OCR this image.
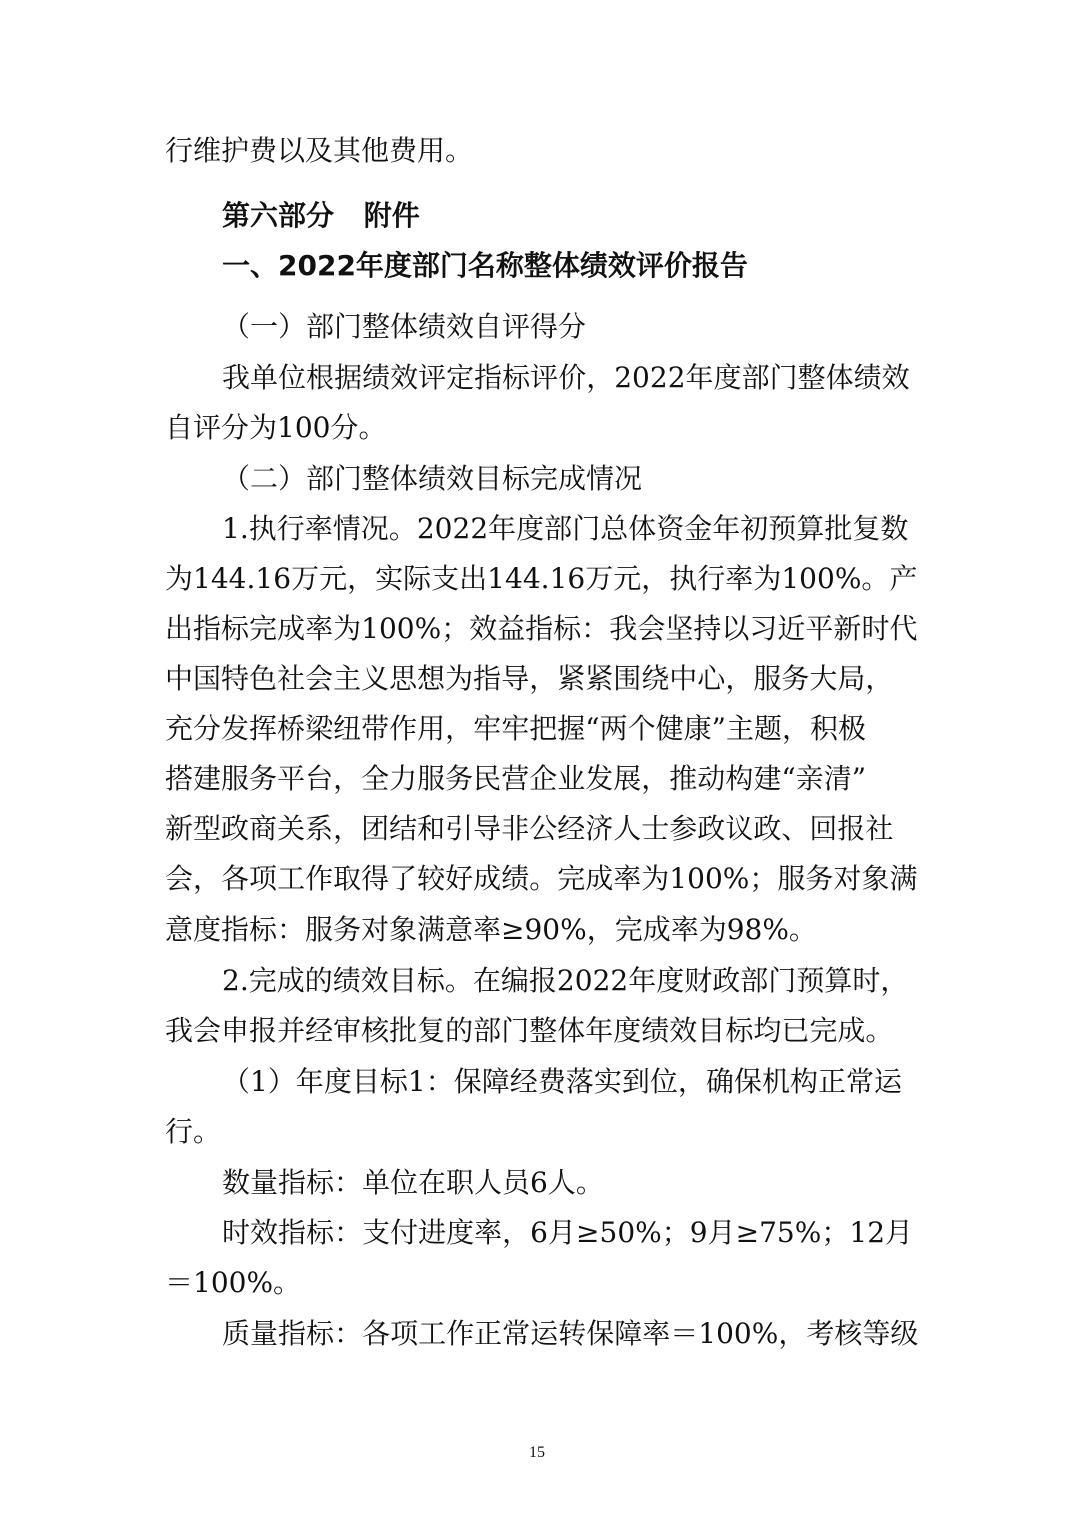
行维护费以及其他费用。
第六部分 附件
一、2022年度部门名称整体绩效评价报告
（一）部门整体绩效自评得分
我单位根据绩效评定指标评价，2022年度部门整体绩效
自评分为100分。
（二）部门整体绩效目标完成情况
1.执行率情况。2022年度部门总体资金年初预算批复数
为144.16万元，实际支出144.16万元，执行率为100%。产
出指标完成率为100%；效益指标：我会坚持以习近平新时代
中国特色社会主义思想为指导，紧紧围绕中心，服务大局，
充分发挥桥梁纽带作用，牢牢把握“两个健康”主题，积极
搭建服务平台，全力服务民营企业发展，推动构建“亲清”
新型政商关系，团结和引导非公经济人士参政议政、回报社
会，各项工作取得了较好成绩。完成率为100%；服务对象满
意度指标：服务对象满意率≥90%，完成率为98%。
2.完成的绩效目标。在编报2022年度财政部门预算时，
我会申报并经审核批复的部门整体年度绩效目标均已完成。
（1）年度目标1：保障经费落实到位，确保机构正常运
行。
数量指标：单位在职人员6人。
时效指标：支付进度率，6月≥50%；9月≥75%；12月
＝100%。
质量指标：各项工作正常运转保障率＝100%，考核等级
15
